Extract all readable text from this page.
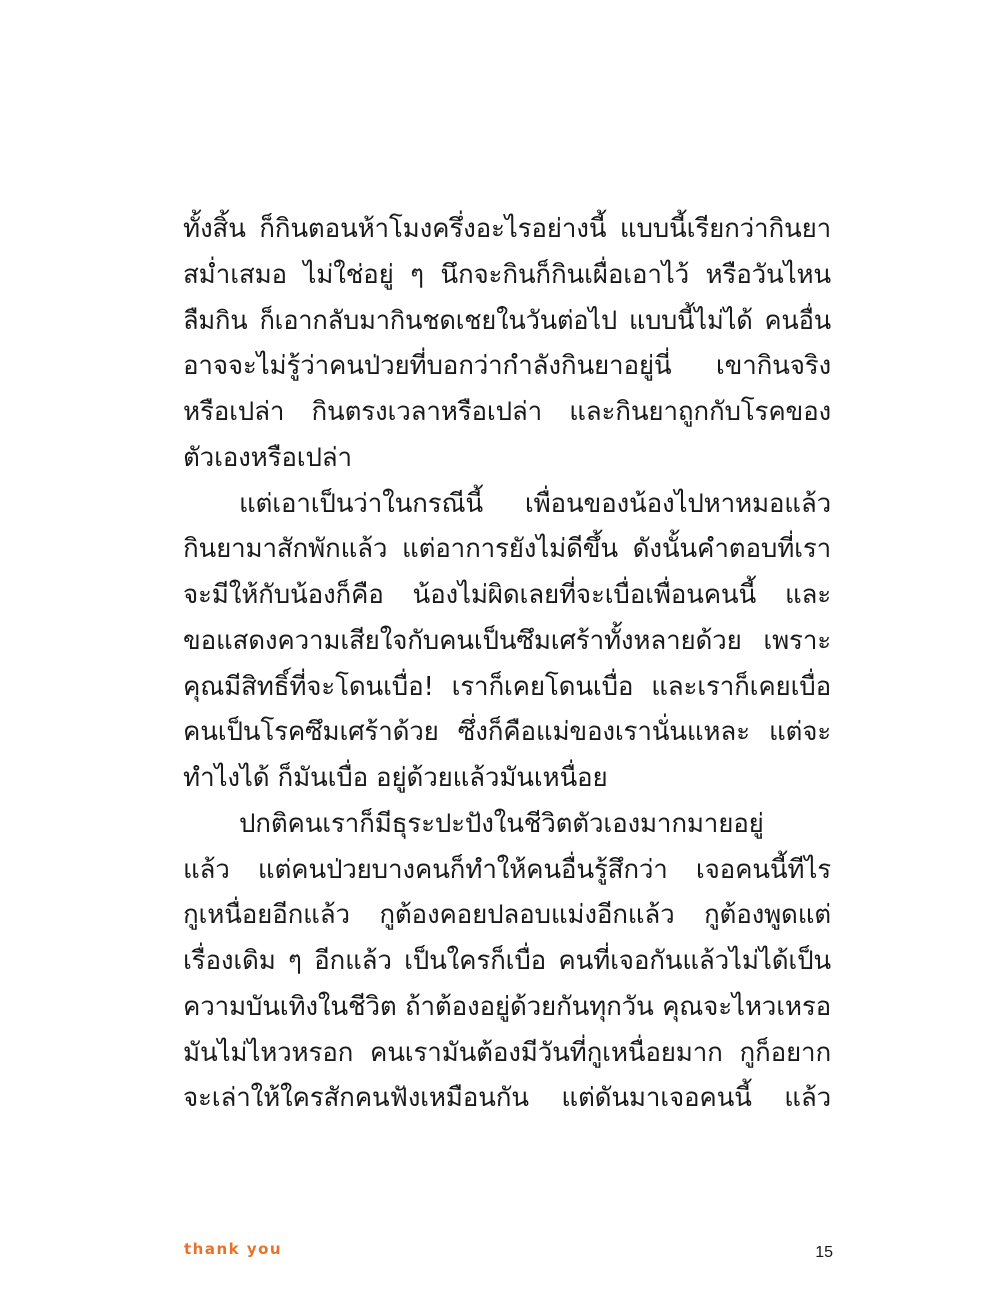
ทั้งสิ้น ก็กินตอนห้าโมงครึ่งอะไรอย่างนี้ แบบนี้เรียกว่ากินยา
สม่ำเสมอ ไม่ใช่อยู่ ๆ นึกจะกินก็กินเผื่อเอาไว้ หรือวันไหน
ลืมกิน ก็เอากลับมากินชดเชยในวันต่อไป แบบนี้ไม่ได้ คนอื่น
อาจจะไม่รู้ว่าคนป่วยที่บอกว่ากำลังกินยาอยู่นี่ เขากินจริง
หรือเปล่า กินตรงเวลาหรือเปล่า และกินยาถูกกับโรคของ
ตัวเองหรือเปล่า
แต่เอาเป็นว่าในกรณีนี้ เพื่อนของน้องไปหาหมอแล้ว
กินยามาสักพักแล้ว แต่อาการยังไม่ดีขึ้น ดังนั้นคำตอบที่เรา
จะมีให้กับน้องก็คือ น้องไม่ผิดเลยที่จะเบื่อเพื่อนคนนี้ และ
ขอแสดงความเสียใจกับคนเป็นซึมเศร้าทั้งหลายด้วย เพราะ
คุณมีสิทธิ์ที่จะโดนเบื่อ! เราก็เคยโดนเบื่อ และเราก็เคยเบื่อ
คนเป็นโรคซึมเศร้าด้วย ซึ่งก็คือแม่ของเรานั่นแหละ แต่จะ
ทำไงได้ ก็มันเบื่อ อยู่ด้วยแล้วมันเหนื่อย
ปกติคนเราก็มีธุระปะปังในชีวิตตัวเองมากมายอยู่
แล้ว แต่คนป่วยบางคนก็ทำให้คนอื่นรู้สึกว่า เจอคนนี้ทีไร
กูเหนื่อยอีกแล้ว กูต้องคอยปลอบแม่งอีกแล้ว กูต้องพูดแต่
เรื่องเดิม ๆ อีกแล้ว เป็นใครก็เบื่อ คนที่เจอกันแล้วไม่ได้เป็น
ความบันเทิงในชีวิต ถ้าต้องอยู่ด้วยกันทุกวัน คุณจะไหวเหรอ
มันไม่ไหวหรอก คนเรามันต้องมีวันที่กูเหนื่อยมาก กูก็อยาก
จะเล่าให้ใครสักคนฟังเหมือนกัน แต่ดันมาเจอคนนี้ แล้ว
thank you	15
